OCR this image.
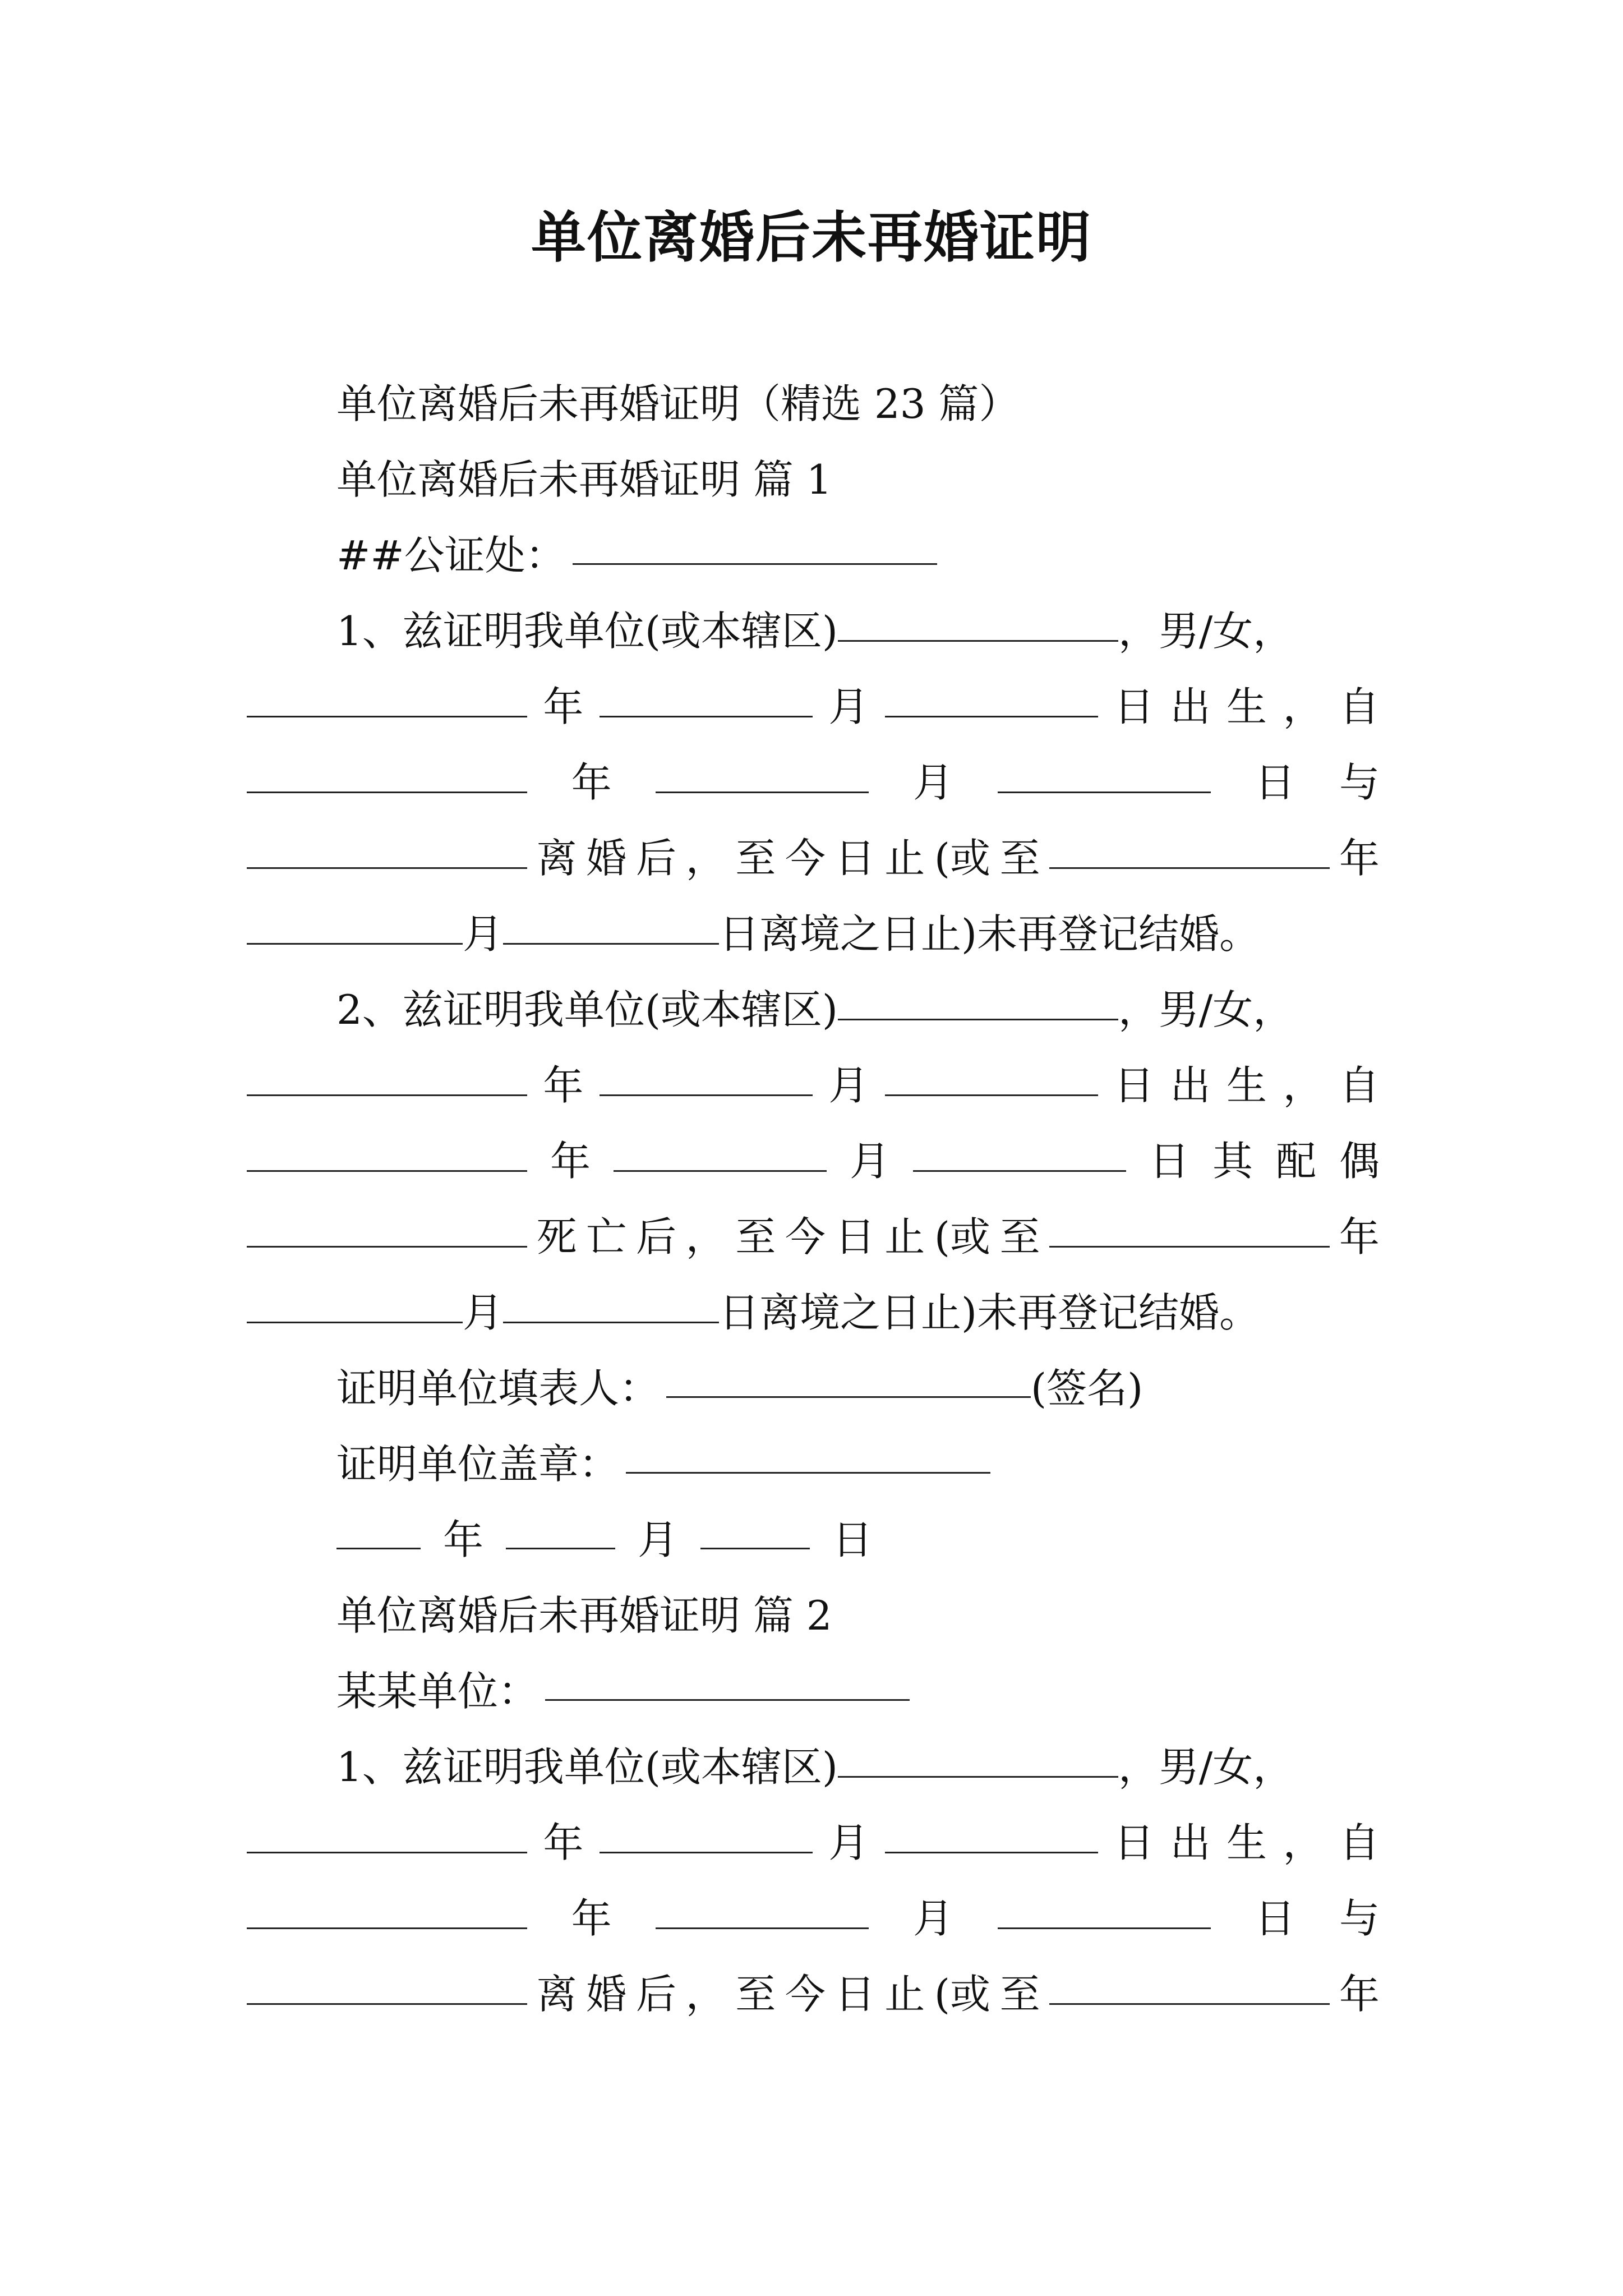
单位离婚后未再婚证明
单位离婚后未再婚证明（精选 23 篇）
单位离婚后未再婚证明 篇 1
##公证处：
1、 兹证明我单位(或本辖区)	，男/女，
年	月	日 出 生 ， 自
年	月	日 与
离 婚 后 ， 至 今 日 止 (或 至	年
月	日离境之日止)未再登记结婚。
2、 兹证明我单位(或本辖区)	，男/女，
年	月	日 出 生 ， 自
年	月	日 其 配 偶
死 亡 后 ， 至 今 日 止 (或 至	年
月	日离境之日止)未再登记结婚。
证明单位填表人：	(签名)
证明单位盖章：
年	月	日
单位离婚后未再婚证明 篇 2
某某单位：
1、 兹证明我单位(或本辖区)	，男/女，
年	月	日 出 生 ， 自
年	月	日 与
离 婚 后 ， 至 今 日 止 (或 至	年
